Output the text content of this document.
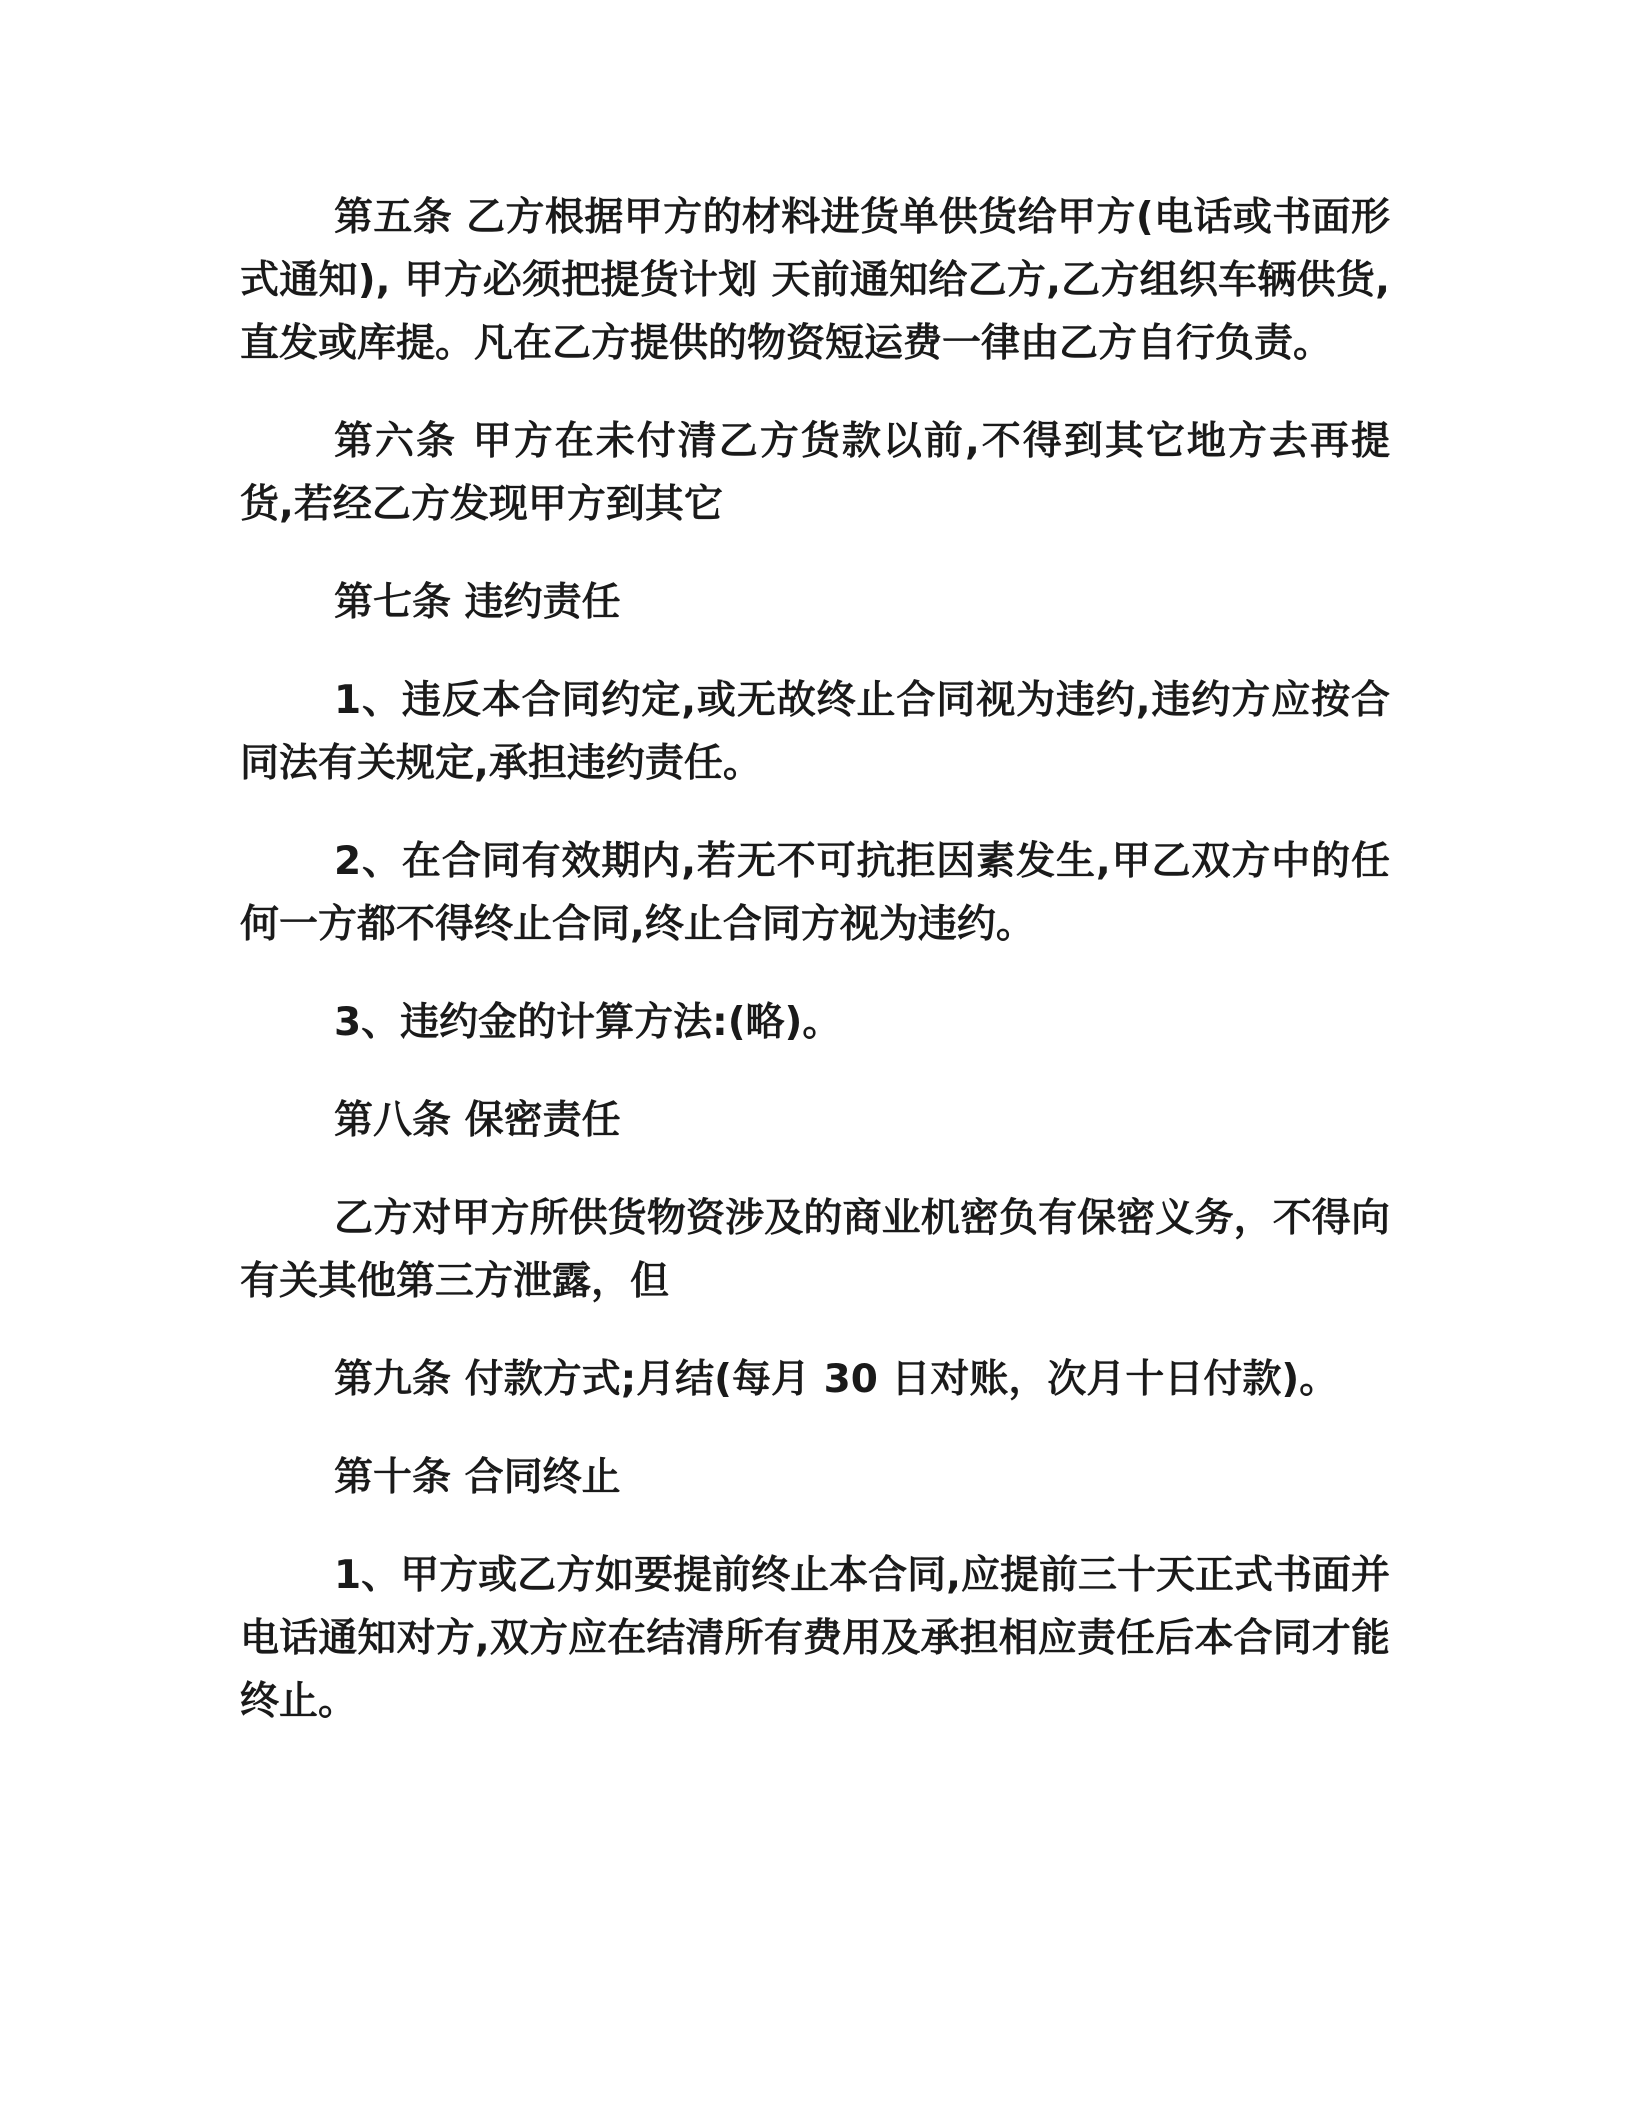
第五条 乙方根据甲方的材料进货单供货给甲方(电话或书面形式通知), 甲方必须把提货计划 天前通知给乙方,乙方组织车辆供货,直发或库提。凡在乙方提供的物资短运费一律由乙方自行负责。

第六条 甲方在未付清乙方货款以前,不得到其它地方去再提货,若经乙方发现甲方到其它

第七条 违约责任

1、违反本合同约定,或无故终止合同视为违约,违约方应按合同法有关规定,承担违约责任。

2、在合同有效期内,若无不可抗拒因素发生,甲乙双方中的任何一方都不得终止合同,终止合同方视为违约。

3、违约金的计算方法:(略)。

第八条 保密责任

乙方对甲方所供货物资涉及的商业机密负有保密义务，不得向有关其他第三方泄露，但

第九条 付款方式;月结(每月 30 日对账，次月十日付款)。

第十条 合同终止

1、甲方或乙方如要提前终止本合同,应提前三十天正式书面并电话通知对方,双方应在结清所有费用及承担相应责任后本合同才能终止。
